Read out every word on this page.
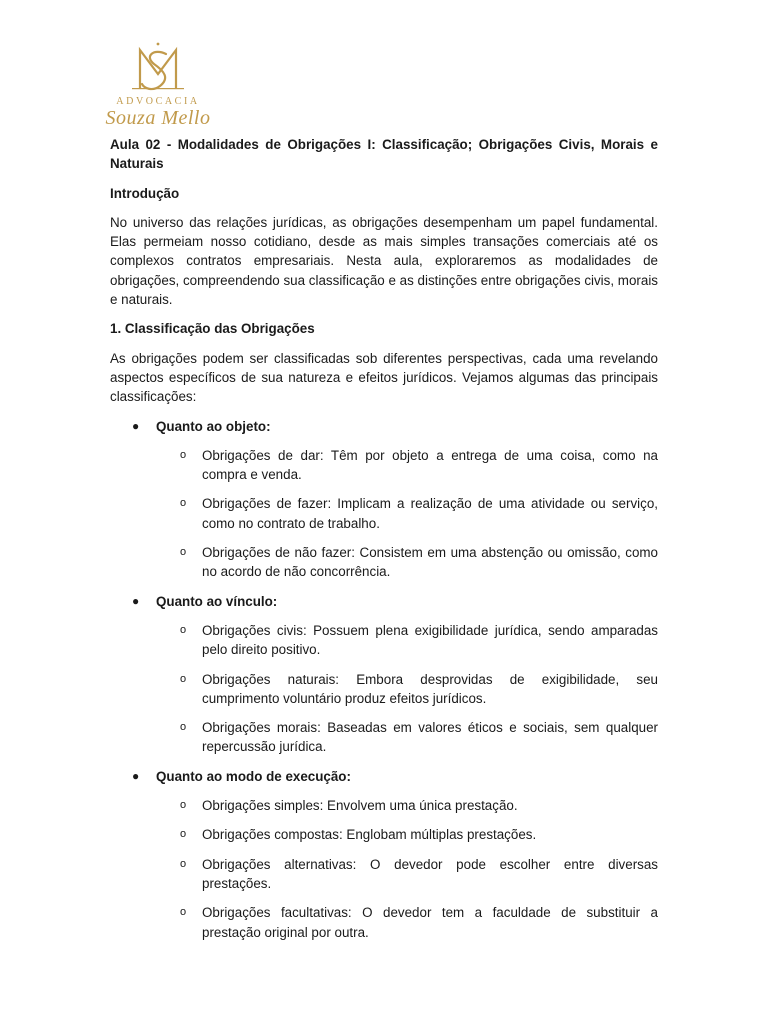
ADVOCACIA
Souza Mello

Aula 02 - Modalidades de Obrigações I: Classificação; Obrigações Civis, Morais e Naturais

Introdução

No universo das relações jurídicas, as obrigações desempenham um papel fundamental. Elas permeiam nosso cotidiano, desde as mais simples transações comerciais até os complexos contratos empresariais. Nesta aula, exploraremos as modalidades de obrigações, compreendendo sua classificação e as distinções entre obrigações civis, morais e naturais.

1. Classificação das Obrigações

As obrigações podem ser classificadas sob diferentes perspectivas, cada uma revelando aspectos específicos de sua natureza e efeitos jurídicos. Vejamos algumas das principais classificações:

● Quanto ao objeto:
o Obrigações de dar: Têm por objeto a entrega de uma coisa, como na compra e venda.
o Obrigações de fazer: Implicam a realização de uma atividade ou serviço, como no contrato de trabalho.
o Obrigações de não fazer: Consistem em uma abstenção ou omissão, como no acordo de não concorrência.
● Quanto ao vínculo:
o Obrigações civis: Possuem plena exigibilidade jurídica, sendo amparadas pelo direito positivo.
o Obrigações naturais: Embora desprovidas de exigibilidade, seu cumprimento voluntário produz efeitos jurídicos.
o Obrigações morais: Baseadas em valores éticos e sociais, sem qualquer repercussão jurídica.
● Quanto ao modo de execução:
o Obrigações simples: Envolvem uma única prestação.
o Obrigações compostas: Englobam múltiplas prestações.
o Obrigações alternativas: O devedor pode escolher entre diversas prestações.
o Obrigações facultativas: O devedor tem a faculdade de substituir a prestação original por outra.
